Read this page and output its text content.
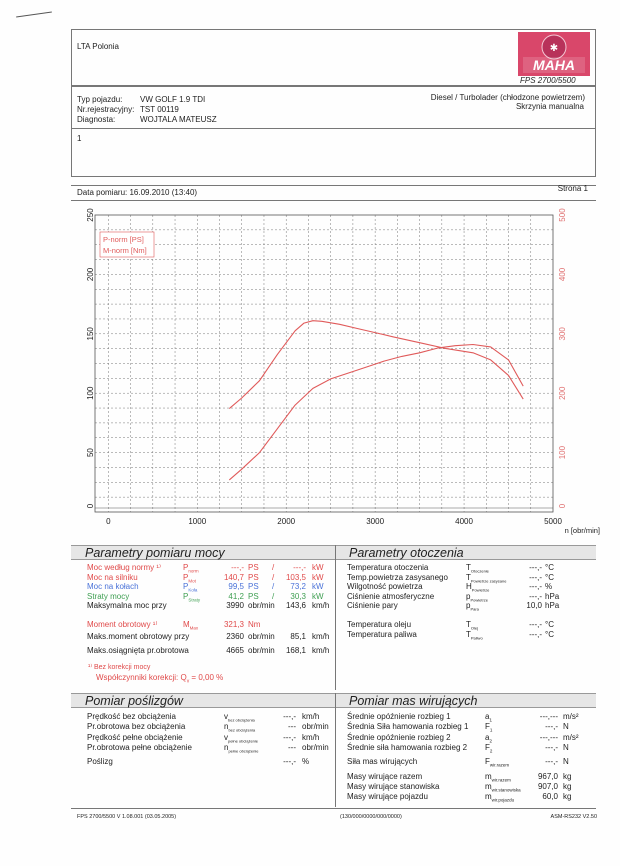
LTA Polonia	✱
MAHA
FPS 2700/5500
Typ pojazdu: VW GOLF 1.9 TDI
Nr.rejestracyjny: TST 00119
Diagnosta:	WOJTALA MATEUSZ
Diesel / Turbolader (chłodzone powietrzem)
Skrzynia manualna
1
Data pomiaru: 16.09.2010 (13:40)	Strona 1
0	1000	2000	3000	4000	5000
0
50
100
150
200
250
0
100
200
300
400
500
P-norm [PS]
M-norm [Nm]
n [obr/min]
Parametry pomiaru mocy	Parametry otoczenia
Moc według normy ¹⁾	$P_{norm}$	---,- PS /	---,- kW
Moc na silniku	$P_{Mot}$	140,7 PS /	103,5 kW
Moc na kołach	$P_{Koła}$	99,5 PS /	73,2 kW
Straty mocy	$P_{Straty}$	41,2 PS /	30,3 kW
Maksymalna moc przy	3990 obr/min	143,6 km/h
Moment obrotowy ¹⁾	$M_{Max}$	321,3 Nm
Maks.moment obrotowy przy	2360 obr/min	85,1 km/h
Maks.osiągnięta pr.obrotowa	4665 obr/min	168,1 km/h
Temperatura otoczenia	$T_{Otoczenie}$	---,- °C
Temp.powietrza zasysanego $T_{Powietrze zasysane}$	---,- °C
Wilgotność powietrza	$H_{Powietrze}$	---,- %
Ciśnienie atmosferyczne	$p_{Powietrze}$	---,- hPa
Ciśnienie pary	$p_{Para}$	10,0 hPa
Temperatura oleju	$T_{Olej}$	---,- °C
Temperatura paliwa	$T_{Paliwo}$	---,- °C
¹⁾ Bez korekcji mocy
Współczynniki korekcji: $Q_v = 0,00$ %
Pomiar poślizgów	Pomiar mas wirujących
Prędkość bez obciążenia	$v_{bez obciążenia}$	---,- km/h
Pr.obrotowa bez obciążenia	$n_{bez obciążenia}$	--- obr/min
Prędkość pełne obciążenie	$v_{pełne obciążenie}$	---,- km/h
Pr.obrotowa pełne obciążenie	$n_{pełne obciążenie}$	--- obr/min
Poślizg	---,- %
Średnie opóźnienie rozbieg 1	$a_1$	---,--- m/s²
Średnia Siła hamowania rozbieg 1 $F_1$	---,- N
Średnie opóźnienie rozbieg 2	$a_2$	---,--- m/s²
Średnie siła hamowania rozbieg 2 $F_2$	---,- N
Siła mas wirujących	$F_{wir.razem}$	---,- N
Masy wirujące razem	$m_{wir.razem}$	967,0 kg
Masy wirujące stanowiska	$m_{wir.stanowiska}$	907,0 kg
Masy wirujące pojazdu	$m_{wir.pojazdu}$	60,0 kg
FPS 2700/5500 V 1.08.001 (03.05.2005)	(130/000/0000/000/0000)	ASM-RS232 V2.50
